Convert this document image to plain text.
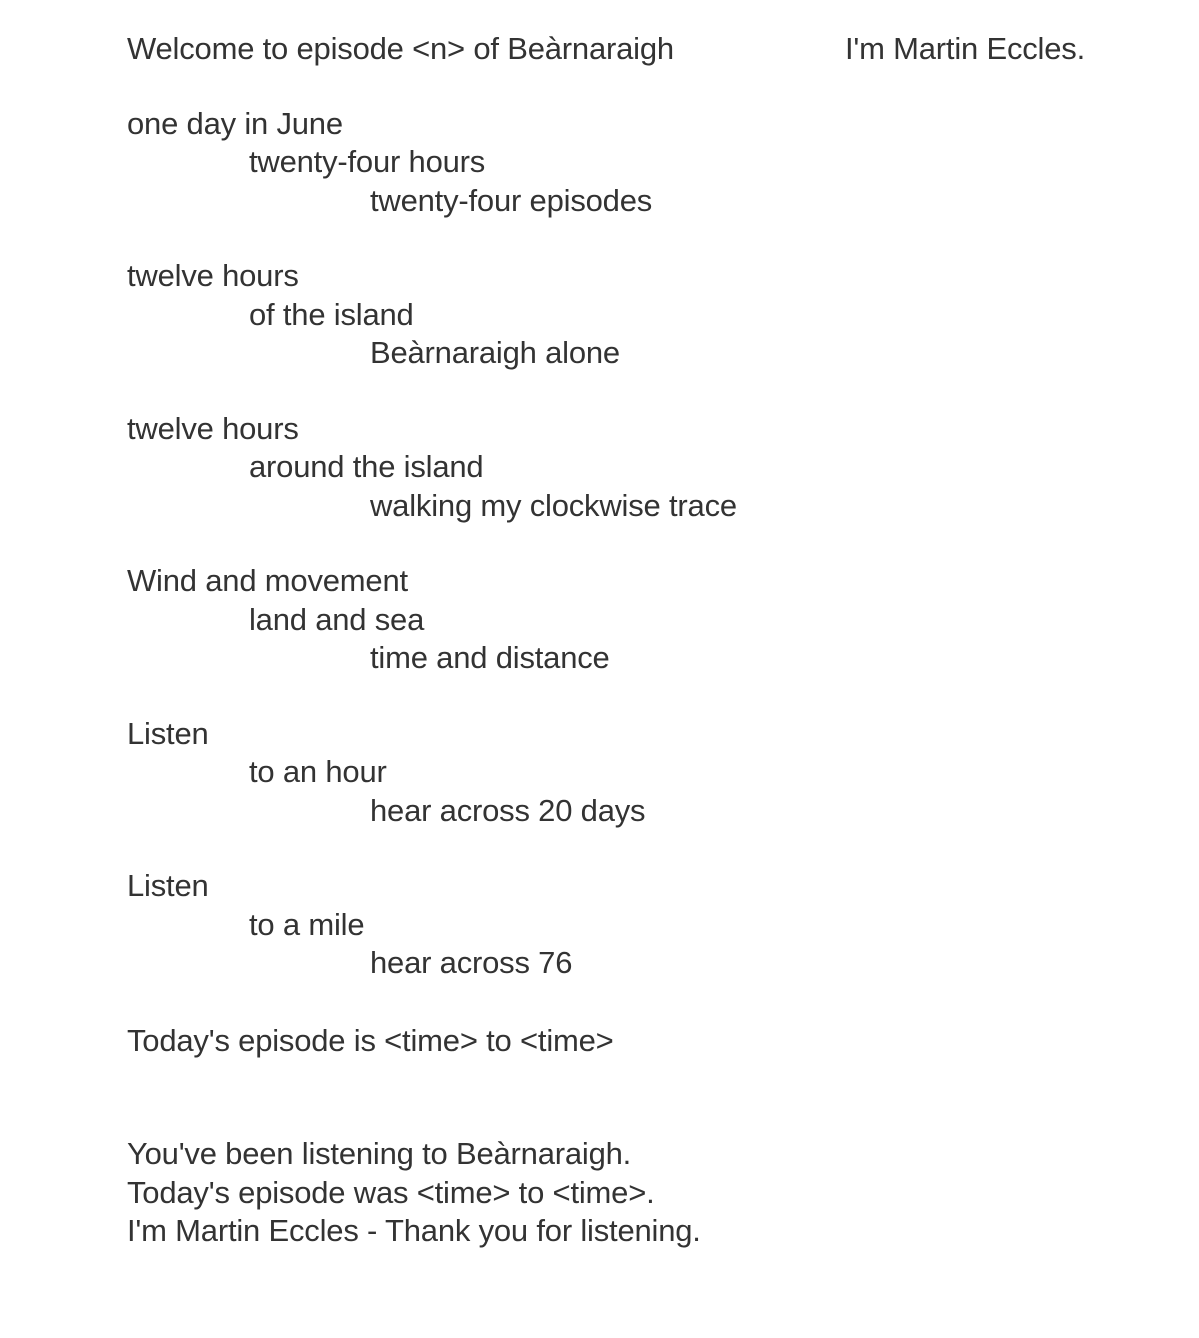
Welcome to episode <n> of Beàrnaraigh	I'm Martin Eccles.
one day in June
twenty-four hours
twenty-four episodes
twelve hours
of the island
Beàrnaraigh alone
twelve hours
around the island
walking my clockwise trace
Wind and movement
land and sea
time and distance
Listen
to an hour
hear across 20 days
Listen
to a mile
hear across 76
Today's episode is <time> to <time>
You've been listening to Beàrnaraigh.
Today's episode was <time> to <time>.
I'm Martin Eccles - Thank you for listening.
